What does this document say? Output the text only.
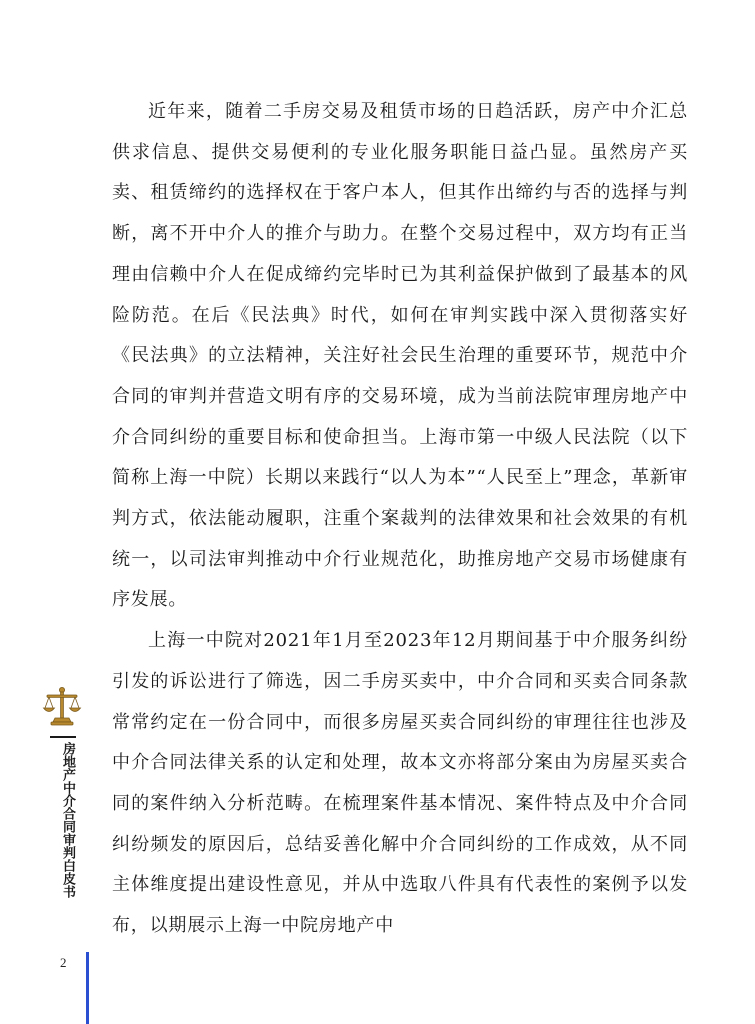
近年来，随着二手房交易及租赁市场的日趋活跃，房产中介汇总供求信息、提供交易便利的专业化服务职能日益凸显。虽然房产买卖、租赁缔约的选择权在于客户本人，但其作出缔约与否的选择与判断，离不开中介人的推介与助力。在整个交易过程中，双方均有正当理由信赖中介人在促成缔约完毕时已为其利益保护做到了最基本的风险防范。在后《民法典》时代，如何在审判实践中深入贯彻落实好《民法典》的立法精神，关注好社会民生治理的重要环节，规范中介合同的审判并营造文明有序的交易环境，成为当前法院审理房地产中介合同纠纷的重要目标和使命担当。上海市第一中级人民法院（以下简称上海一中院）长期以来践行“以人为本”“人民至上”理念，革新审判方式，依法能动履职，注重个案裁判的法律效果和社会效果的有机统一，以司法审判推动中介行业规范化，助推房地产交易市场健康有序发展。

上海一中院对2021年1月至2023年12月期间基于中介服务纠纷引发的诉讼进行了筛选，因二手房买卖中，中介合同和买卖合同条款常常约定在一份合同中，而很多房屋买卖合同纠纷的审理往往也涉及中介合同法律关系的认定和处理，故本文亦将部分案由为房屋买卖合同的案件纳入分析范畴。在梳理案件基本情况、案件特点及中介合同纠纷频发的原因后，总结妥善化解中介合同纠纷的工作成效，从不同主体维度提出建设性意见，并从中选取八件具有代表性的案例予以发布，以期展示上海一中院房地产中

房地产中介合同审判白皮书
2
